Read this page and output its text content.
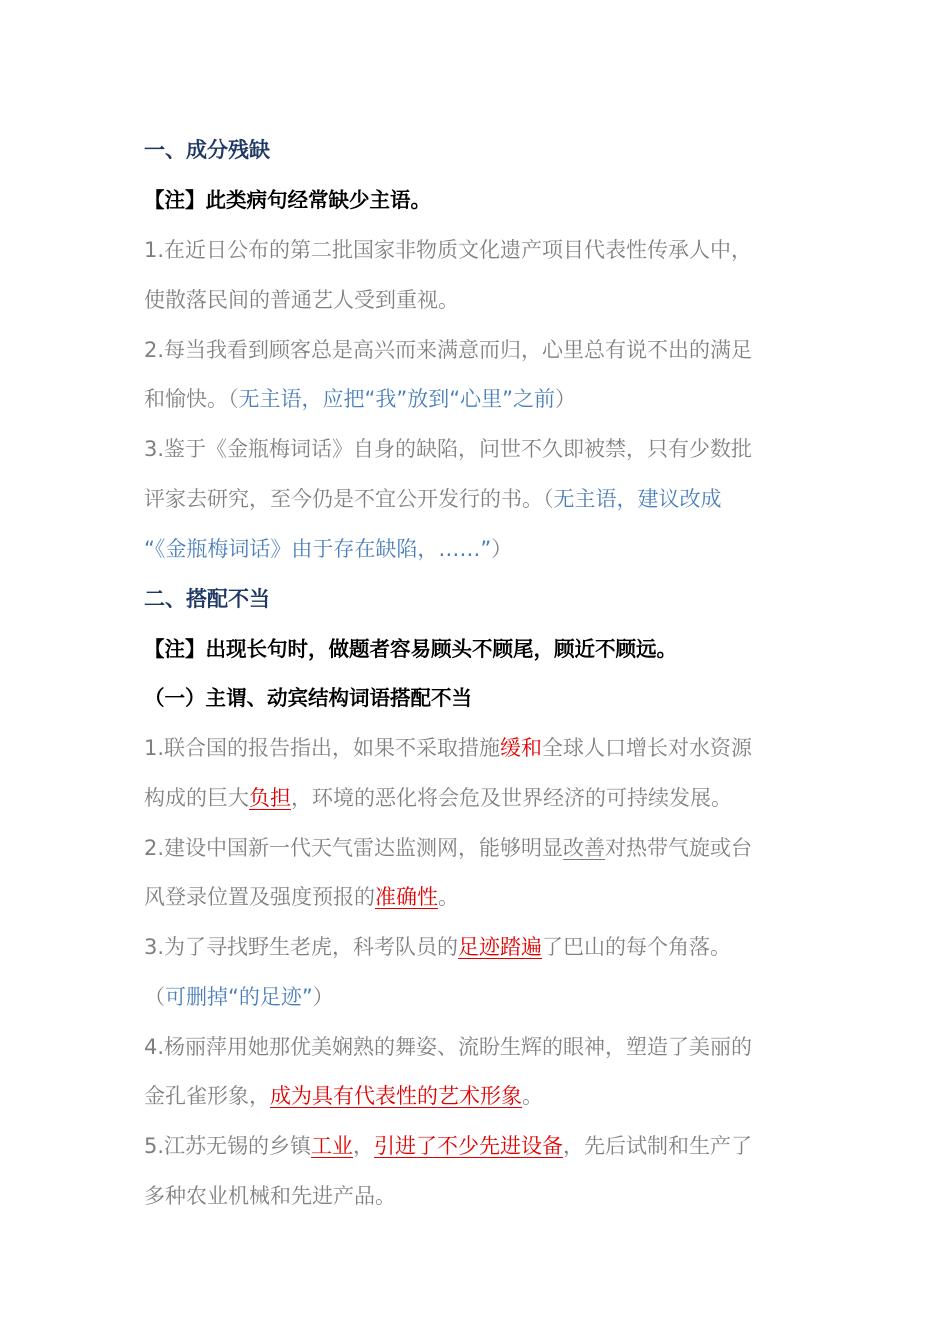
一、成分残缺
【注】此类病句经常缺少主语。
1.在近日公布的第二批国家非物质文化遗产项目代表性传承人中，
使散落民间的普通艺人受到重视。
2.每当我看到顾客总是高兴而来满意而归，心里总有说不出的满足
和愉快。（无主语，应把“我”放到“心里”之前）
3.鉴于《金瓶梅词话》自身的缺陷，问世不久即被禁，只有少数批
评家去研究，至今仍是不宜公开发行的书。（无主语，建议改成
“《金瓶梅词话》由于存在缺陷，……”）
二、搭配不当
【注】出现长句时，做题者容易顾头不顾尾，顾近不顾远。
（一）主谓、动宾结构词语搭配不当
1.联合国的报告指出，如果不采取措施缓和全球人口增长对水资源
构成的巨大负担，环境的恶化将会危及世界经济的可持续发展。
2.建设中国新一代天气雷达监测网，能够明显改善对热带气旋或台
风登录位置及强度预报的准确性。
3.为了寻找野生老虎，科考队员的足迹踏遍了巴山的每个角落。
（可删掉“的足迹”）
4.杨丽萍用她那优美娴熟的舞姿、流盼生辉的眼神，塑造了美丽的
金孔雀形象，成为具有代表性的艺术形象。
5.江苏无锡的乡镇工业，引进了不少先进设备，先后试制和生产了
多种农业机械和先进产品。
